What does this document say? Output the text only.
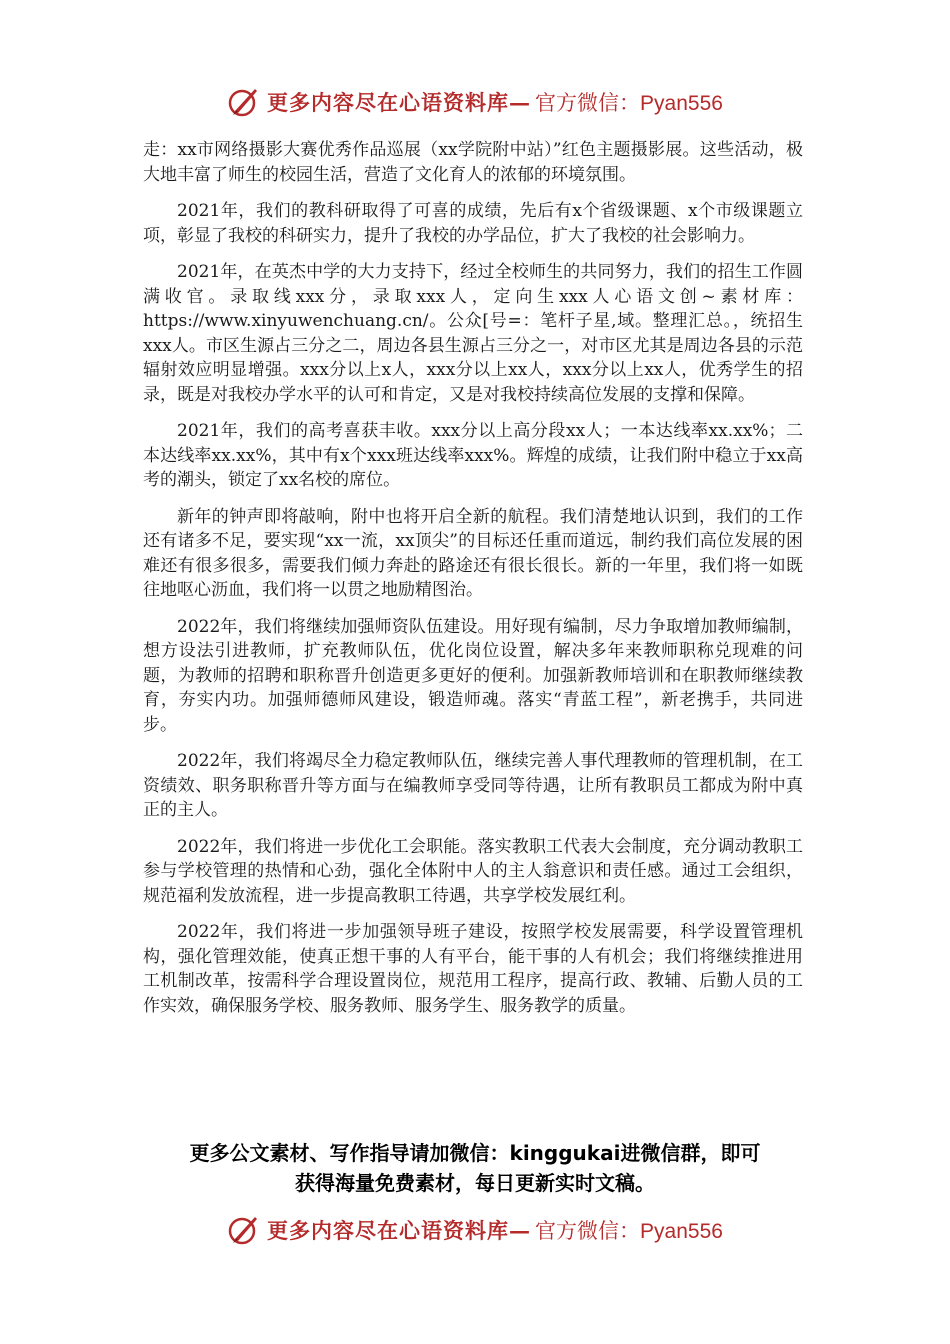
更多内容尽在心语资料库— 官方微信：Pyan556

走：xx市网络摄影大赛优秀作品巡展（xx学院附中站）”红色主题摄影展。这些活动，极大地丰富了师生的校园生活，营造了文化育人的浓郁的环境氛围。

2021年，我们的教科研取得了可喜的成绩，先后有x个省级课题、x个市级课题立项，彰显了我校的科研实力，提升了我校的办学品位，扩大了我校的社会影响力。

2021年，在英杰中学的大力支持下，经过全校师生的共同努力，我们的招生工作圆满收官。录取线xxx分，录取xxx人，定向生xxx人心语文创~素材库：https://www.xinyuwenchuang.cn/。公众[号=：笔杆子星,域。整理汇总。，统招生xxx人。市区生源占三分之二，周边各县生源占三分之一，对市区尤其是周边各县的示范辐射效应明显增强。xxx分以上x人，xxx分以上xx人，xxx分以上xx人，优秀学生的招录，既是对我校办学水平的认可和肯定，又是对我校持续高位发展的支撑和保障。

2021年，我们的高考喜获丰收。xxx分以上高分段xx人；一本达线率xx.xx%；二本达线率xx.xx%，其中有x个xxx班达线率xxx%。辉煌的成绩，让我们附中稳立于xx高考的潮头，锁定了xx名校的席位。

新年的钟声即将敲响，附中也将开启全新的航程。我们清楚地认识到，我们的工作还有诸多不足，要实现“xx一流，xx顶尖”的目标还任重而道远，制约我们高位发展的困难还有很多很多，需要我们倾力奔赴的路途还有很长很长。新的一年里，我们将一如既往地呕心沥血，我们将一以贯之地励精图治。

2022年，我们将继续加强师资队伍建设。用好现有编制，尽力争取增加教师编制，想方设法引进教师，扩充教师队伍，优化岗位设置，解决多年来教师职称兑现难的问题，为教师的招聘和职称晋升创造更多更好的便利。加强新教师培训和在职教师继续教育，夯实内功。加强师德师风建设，锻造师魂。落实“青蓝工程”，新老携手，共同进步。

2022年，我们将竭尽全力稳定教师队伍，继续完善人事代理教师的管理机制，在工资绩效、职务职称晋升等方面与在编教师享受同等待遇，让所有教职员工都成为附中真正的主人。

2022年，我们将进一步优化工会职能。落实教职工代表大会制度，充分调动教职工参与学校管理的热情和心劲，强化全体附中人的主人翁意识和责任感。通过工会组织，规范福利发放流程，进一步提高教职工待遇，共享学校发展红利。

2022年，我们将进一步加强领导班子建设，按照学校发展需要，科学设置管理机构，强化管理效能，使真正想干事的人有平台，能干事的人有机会；我们将继续推进用工机制改革，按需科学合理设置岗位，规范用工程序，提高行政、教辅、后勤人员的工作实效，确保服务学校、服务教师、服务学生、服务教学的质量。

更多公文素材、写作指导请加微信：kinggukai进微信群，即可
获得海量免费素材，每日更新实时文稿。
更多内容尽在心语资料库— 官方微信：Pyan556
